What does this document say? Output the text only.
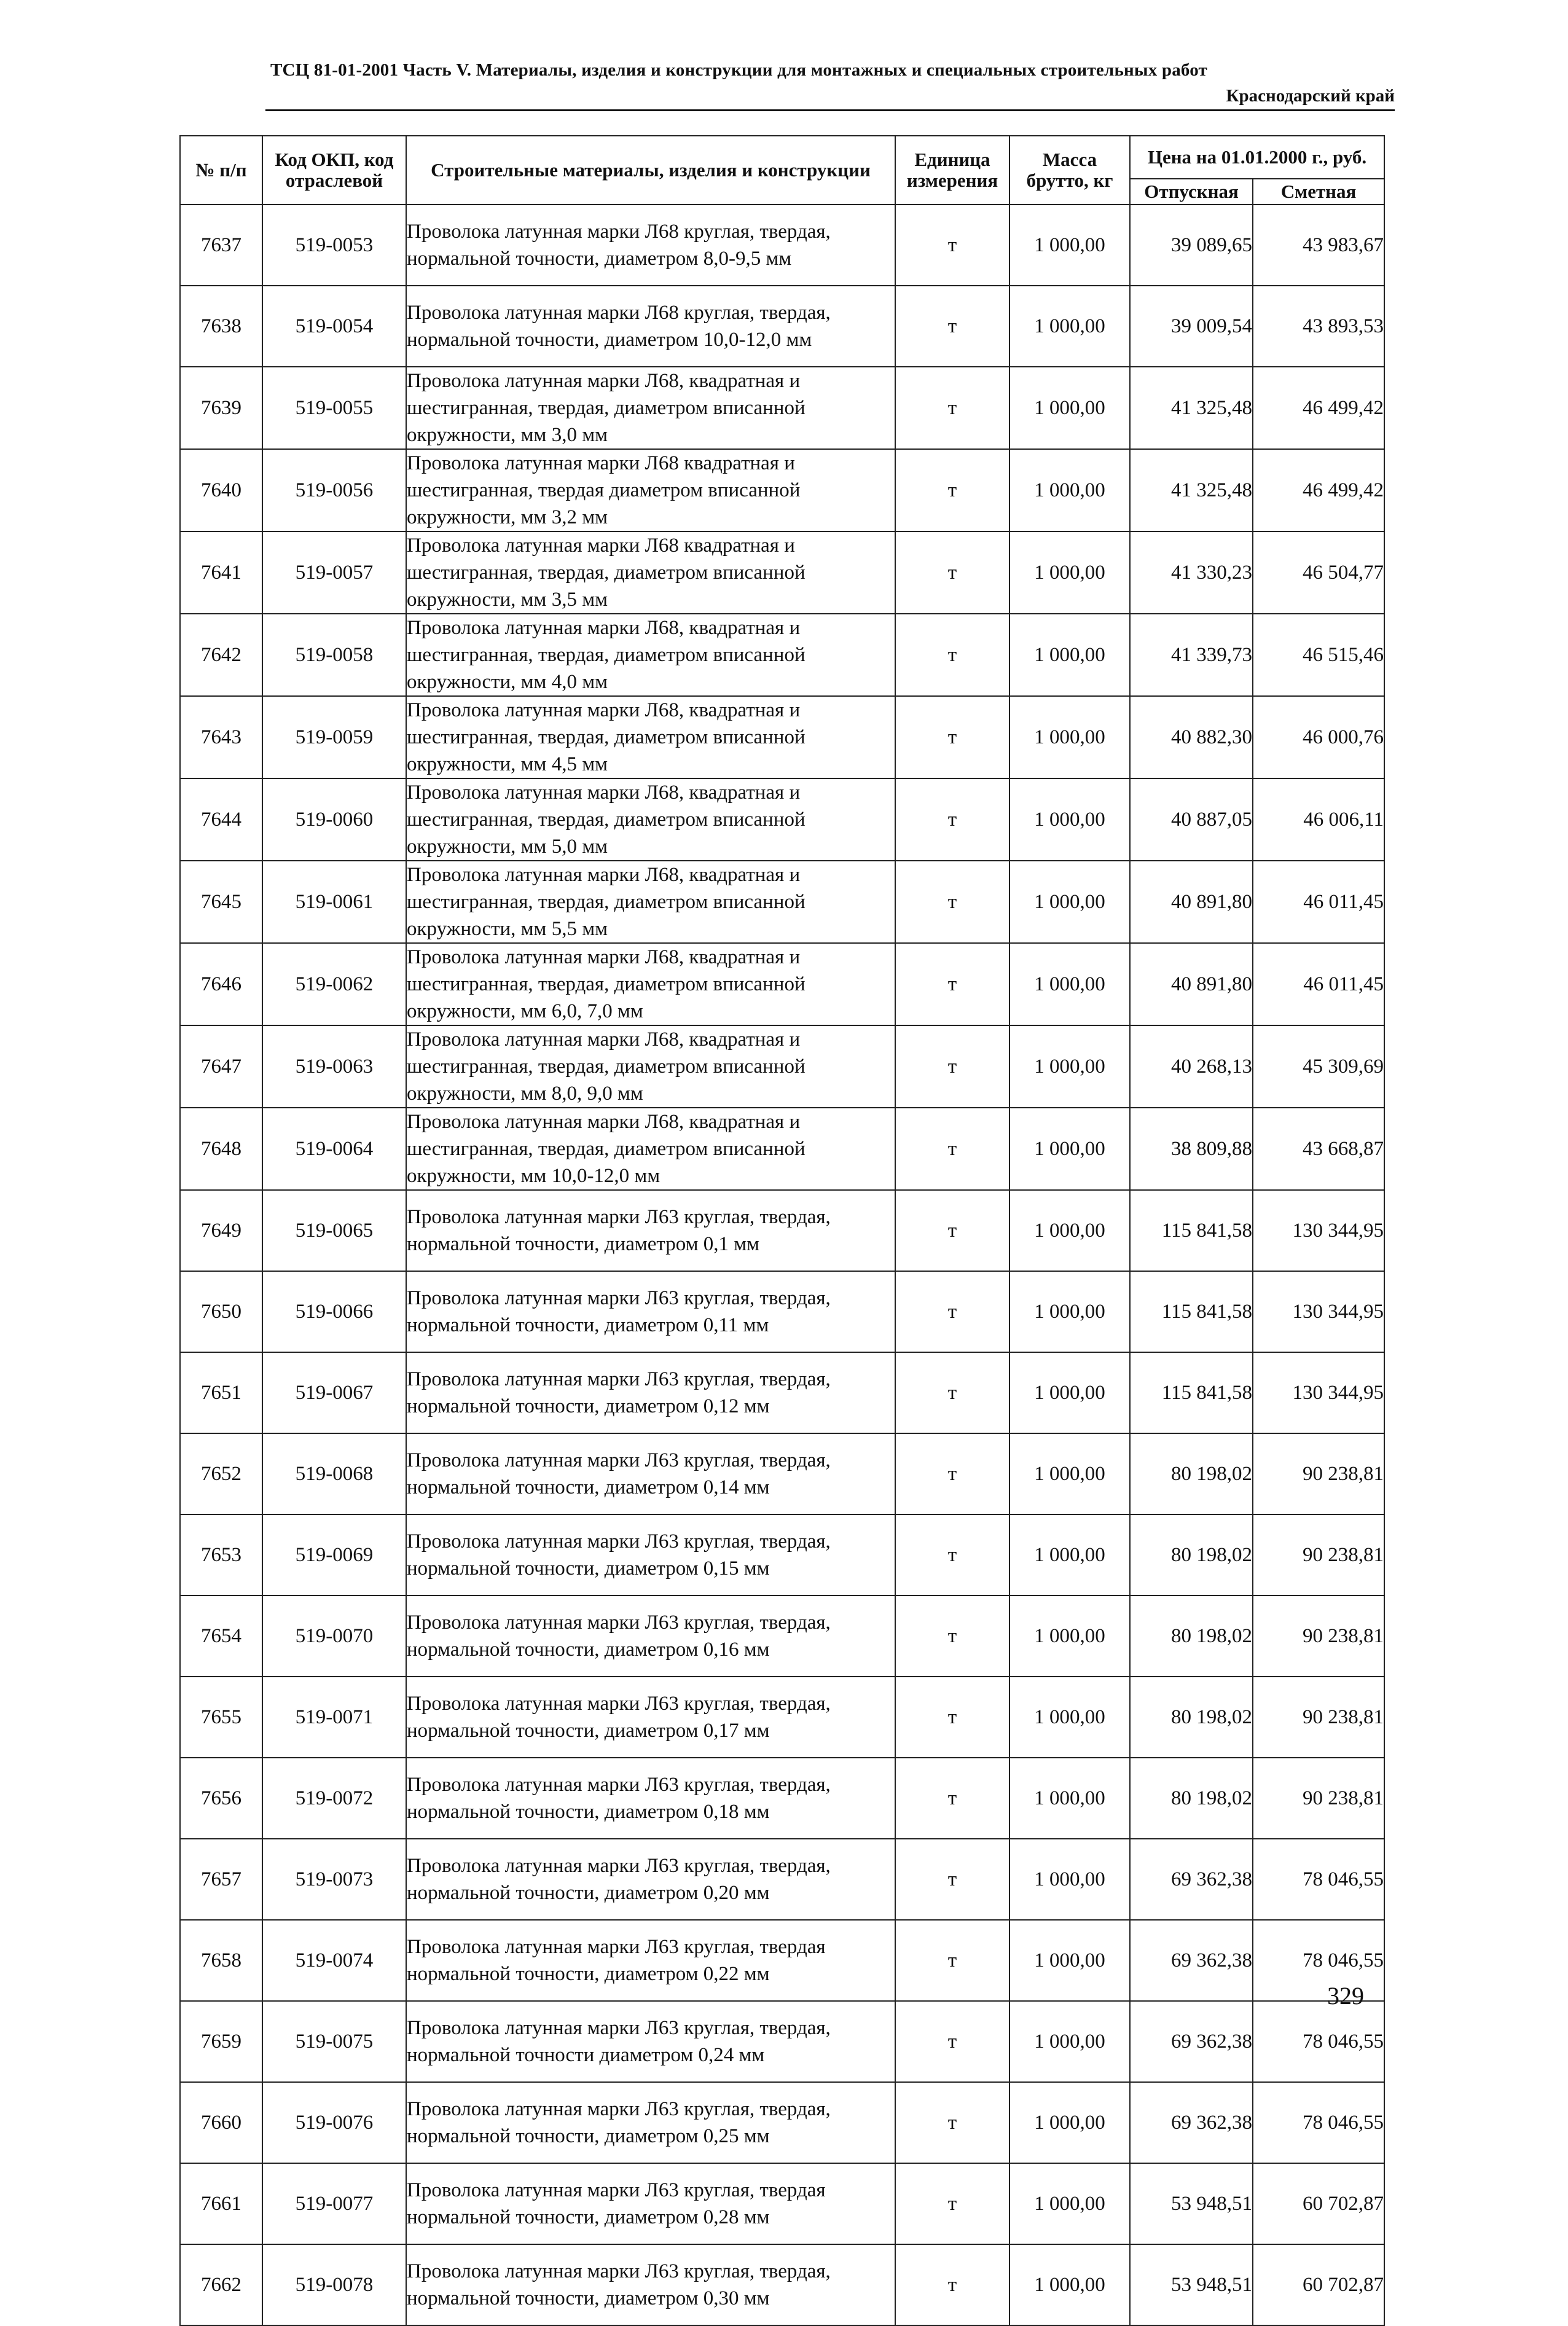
ТСЦ 81-01-2001 Часть V. Материалы, изделия и конструкции для монтажных и специальных строительных работ
Краснодарский край
№ п/п	Код ОКП, код отраслевой	Строительные материалы, изделия и конструкции	Единица измерения	Масса брутто, кг	Цена на 01.01.2000 г., руб.	
					Отпускная	Сметная
7637	519-0053	Проволока латунная марки Л68 круглая, твердая, нормальной точности, диаметром 8,0-9,5 мм	т	1 000,00	39 089,65	43 983,67
7638	519-0054	Проволока латунная марки Л68 круглая, твердая, нормальной точности, диаметром 10,0-12,0 мм	т	1 000,00	39 009,54	43 893,53
7639	519-0055	Проволока латунная марки Л68, квадратная и шестигранная, твердая, диаметром вписанной окружности, мм 3,0 мм	т	1 000,00	41 325,48	46 499,42
7640	519-0056	Проволока латунная марки Л68 квадратная и шестигранная, твердая диаметром вписанной окружности, мм 3,2 мм	т	1 000,00	41 325,48	46 499,42
7641	519-0057	Проволока латунная марки Л68 квадратная и шестигранная, твердая, диаметром вписанной окружности, мм 3,5 мм	т	1 000,00	41 330,23	46 504,77
7642	519-0058	Проволока латунная марки Л68, квадратная и шестигранная, твердая, диаметром вписанной окружности, мм 4,0 мм	т	1 000,00	41 339,73	46 515,46
7643	519-0059	Проволока латунная марки Л68, квадратная и шестигранная, твердая, диаметром вписанной окружности, мм 4,5 мм	т	1 000,00	40 882,30	46 000,76
7644	519-0060	Проволока латунная марки Л68, квадратная и шестигранная, твердая, диаметром вписанной окружности, мм 5,0 мм	т	1 000,00	40 887,05	46 006,11
7645	519-0061	Проволока латунная марки Л68, квадратная и шестигранная, твердая, диаметром вписанной окружности, мм 5,5 мм	т	1 000,00	40 891,80	46 011,45
7646	519-0062	Проволока латунная марки Л68, квадратная и шестигранная, твердая, диаметром вписанной окружности, мм 6,0, 7,0 мм	т	1 000,00	40 891,80	46 011,45
7647	519-0063	Проволока латунная марки Л68, квадратная и шестигранная, твердая, диаметром вписанной окружности, мм 8,0, 9,0 мм	т	1 000,00	40 268,13	45 309,69
7648	519-0064	Проволока латунная марки Л68, квадратная и шестигранная, твердая, диаметром вписанной окружности, мм 10,0-12,0 мм	т	1 000,00	38 809,88	43 668,87
7649	519-0065	Проволока латунная марки Л63 круглая, твердая, нормальной точности, диаметром 0,1 мм	т	1 000,00	115 841,58	130 344,95
7650	519-0066	Проволока латунная марки Л63 круглая, твердая, нормальной точности, диаметром 0,11 мм	т	1 000,00	115 841,58	130 344,95
7651	519-0067	Проволока латунная марки Л63 круглая, твердая, нормальной точности, диаметром 0,12 мм	т	1 000,00	115 841,58	130 344,95
7652	519-0068	Проволока латунная марки Л63 круглая, твердая, нормальной точности, диаметром 0,14 мм	т	1 000,00	80 198,02	90 238,81
7653	519-0069	Проволока латунная марки Л63 круглая, твердая, нормальной точности, диаметром 0,15 мм	т	1 000,00	80 198,02	90 238,81
7654	519-0070	Проволока латунная марки Л63 круглая, твердая, нормальной точности, диаметром 0,16 мм	т	1 000,00	80 198,02	90 238,81
7655	519-0071	Проволока латунная марки Л63 круглая, твердая, нормальной точности, диаметром 0,17 мм	т	1 000,00	80 198,02	90 238,81
7656	519-0072	Проволока латунная марки Л63 круглая, твердая, нормальной точности, диаметром 0,18 мм	т	1 000,00	80 198,02	90 238,81
7657	519-0073	Проволока латунная марки Л63 круглая, твердая, нормальной точности, диаметром 0,20 мм	т	1 000,00	69 362,38	78 046,55
7658	519-0074	Проволока латунная марки Л63 круглая, твердая нормальной точности, диаметром 0,22 мм	т	1 000,00	69 362,38	78 046,55
7659	519-0075	Проволока латунная марки Л63 круглая, твердая, нормальной точности диаметром 0,24 мм	т	1 000,00	69 362,38	78 046,55
7660	519-0076	Проволока латунная марки Л63 круглая, твердая, нормальной точности, диаметром 0,25 мм	т	1 000,00	69 362,38	78 046,55
7661	519-0077	Проволока латунная марки Л63 круглая, твердая нормальной точности, диаметром 0,28 мм	т	1 000,00	53 948,51	60 702,87
7662	519-0078	Проволока латунная марки Л63 круглая, твердая, нормальной точности, диаметром 0,30 мм	т	1 000,00	53 948,51	60 702,87
329
